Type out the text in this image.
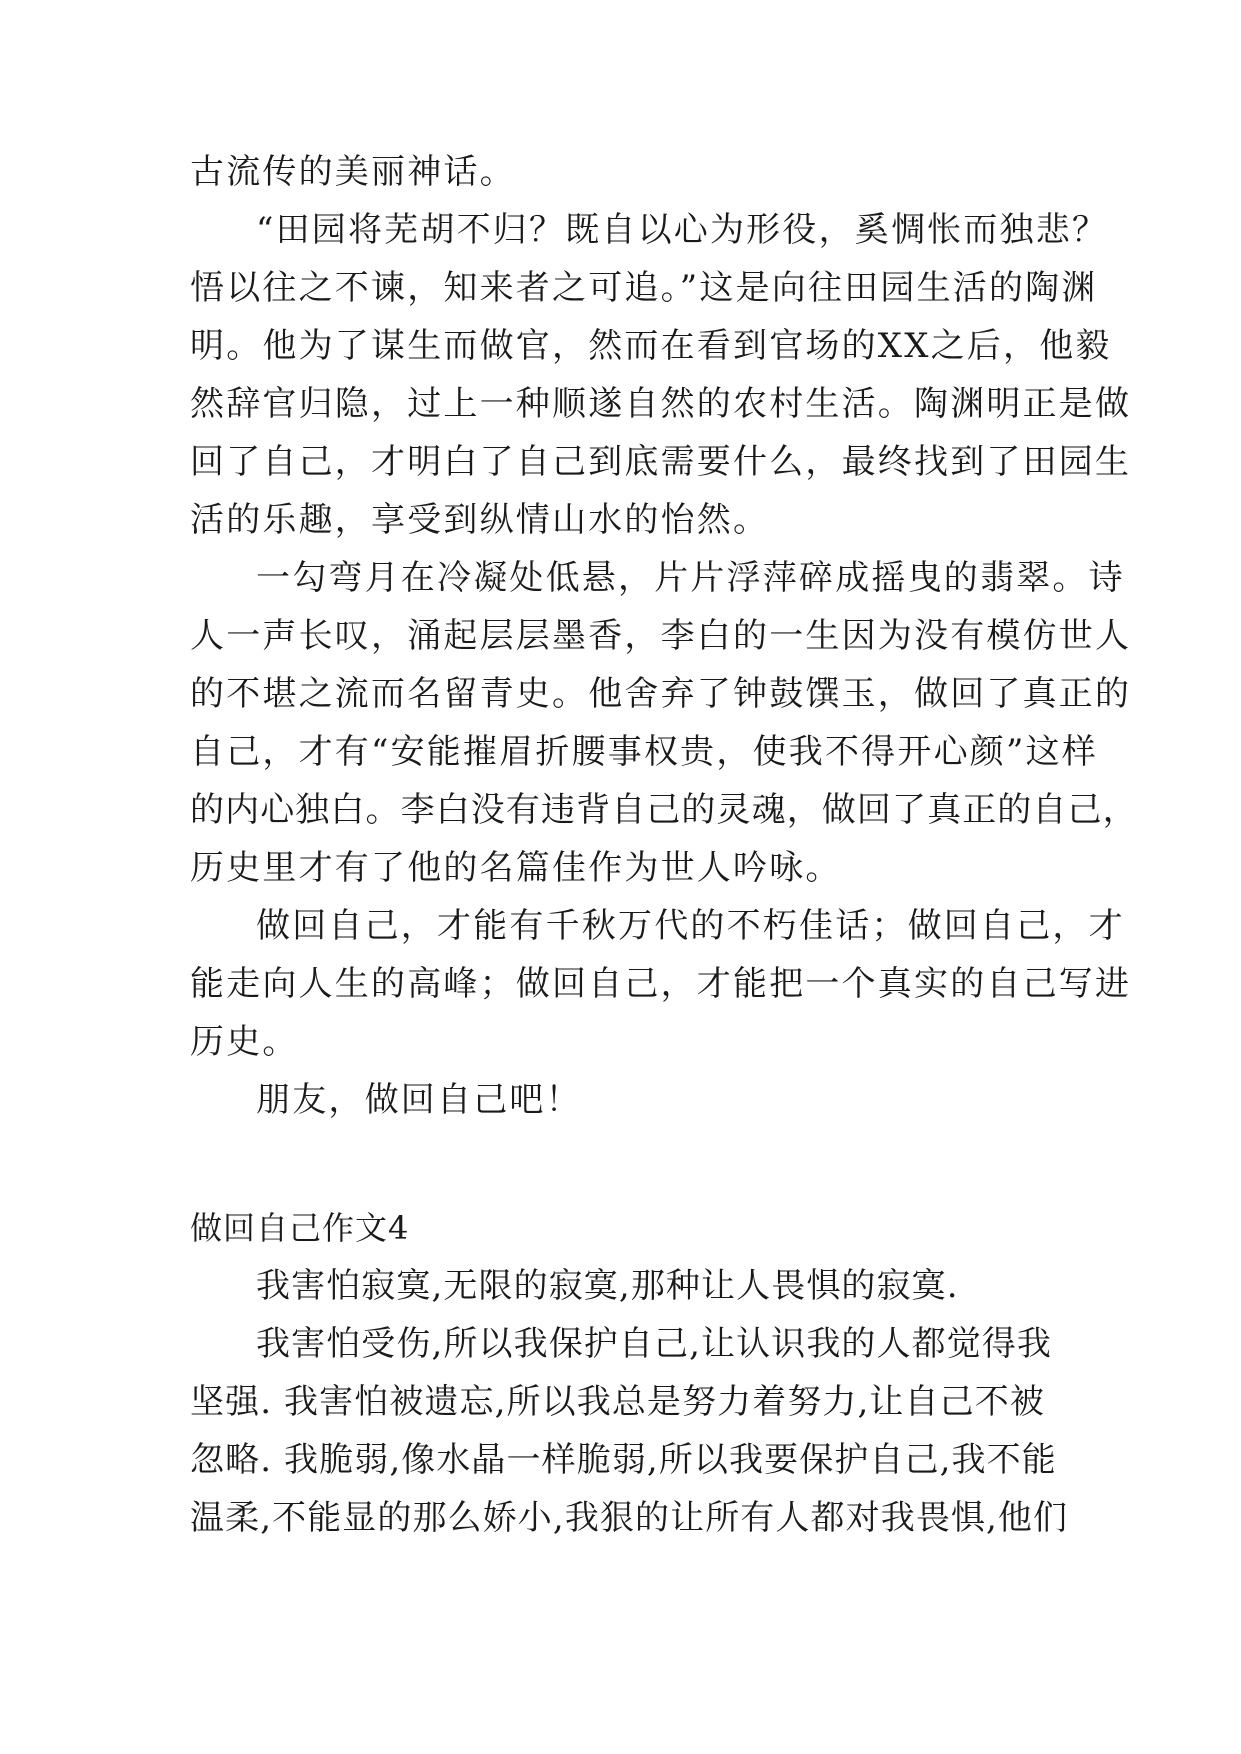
古流传的美丽神话。
“田园将芜胡不归？既自以心为形役，奚惆怅而独悲？
悟以往之不谏，知来者之可追。”这是向往田园生活的陶渊
明。他为了谋生而做官，然而在看到官场的XX之后，他毅
然辞官归隐，过上一种顺遂自然的农村生活。陶渊明正是做
回了自己，才明白了自己到底需要什么，最终找到了田园生
活的乐趣，享受到纵情山水的怡然。
一勾弯月在冷凝处低悬，片片浮萍碎成摇曳的翡翠。诗
人一声长叹，涌起层层墨香，李白的一生因为没有模仿世人
的不堪之流而名留青史。他舍弃了钟鼓馔玉，做回了真正的
自己，才有“安能摧眉折腰事权贵，使我不得开心颜”这样
的内心独白。李白没有违背自己的灵魂，做回了真正的自己，
历史里才有了他的名篇佳作为世人吟咏。
做回自己，才能有千秋万代的不朽佳话；做回自己，才
能走向人生的高峰；做回自己，才能把一个真实的自己写进
历史。
朋友，做回自己吧！
做回自己作文4
我害怕寂寞,无限的寂寞,那种让人畏惧的寂寞.
我害怕受伤,所以我保护自己,让认识我的人都觉得我
坚强. 我害怕被遗忘,所以我总是努力着努力,让自己不被
忽略. 我脆弱,像水晶一样脆弱,所以我要保护自己,我不能
温柔,不能显的那么娇小,我狠的让所有人都对我畏惧,他们
